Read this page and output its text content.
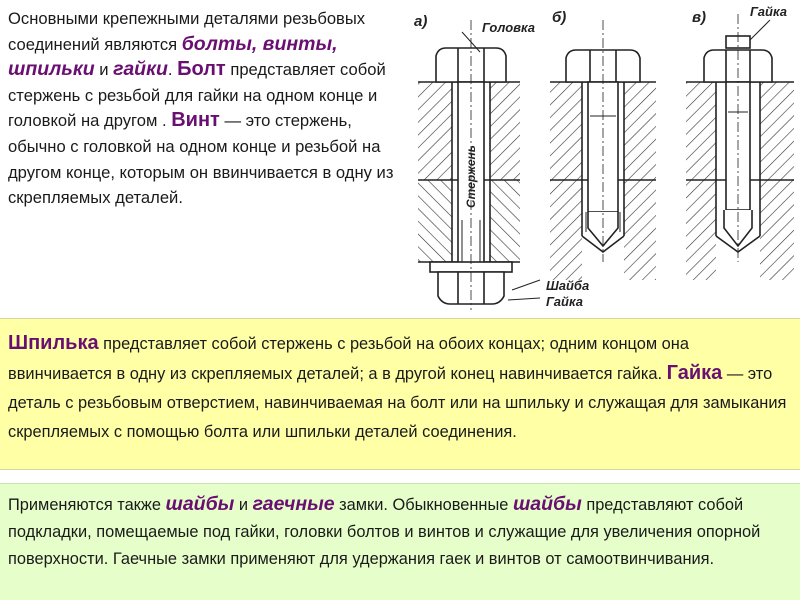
Основными крепежными деталями резьбовых соединений являются болты, винты, шпильки и гайки. Болт представляет собой стержень с резьбой для гайки на одном конце и головкой на другом . Винт — это стержень, обычно с головкой на одном конце и резьбой на другом конце, которым он ввинчивается в одну из скрепляемых деталей.
а)	б)	в)
Головка
Гайка
Шайба
Гайка
Стержень
Шпилька представляет собой стержень с резьбой на обоих концах; одним концом она ввинчивается в одну из скрепляемых деталей; а в другой конец навинчивается гайка. Гайка — это деталь с резьбовым отверстием, навинчиваемая на болт или на шпильку и служащая для замыкания скрепляемых с помощью болта или шпильки деталей соединения.
Применяются также шайбы и гаечные замки. Обыкновенные шайбы представляют собой подкладки, помещаемые под гайки, головки болтов и винтов и служащие для увеличения опорной поверхности. Гаечные замки применяют для удержания гаек и винтов от самоотвинчивания.
